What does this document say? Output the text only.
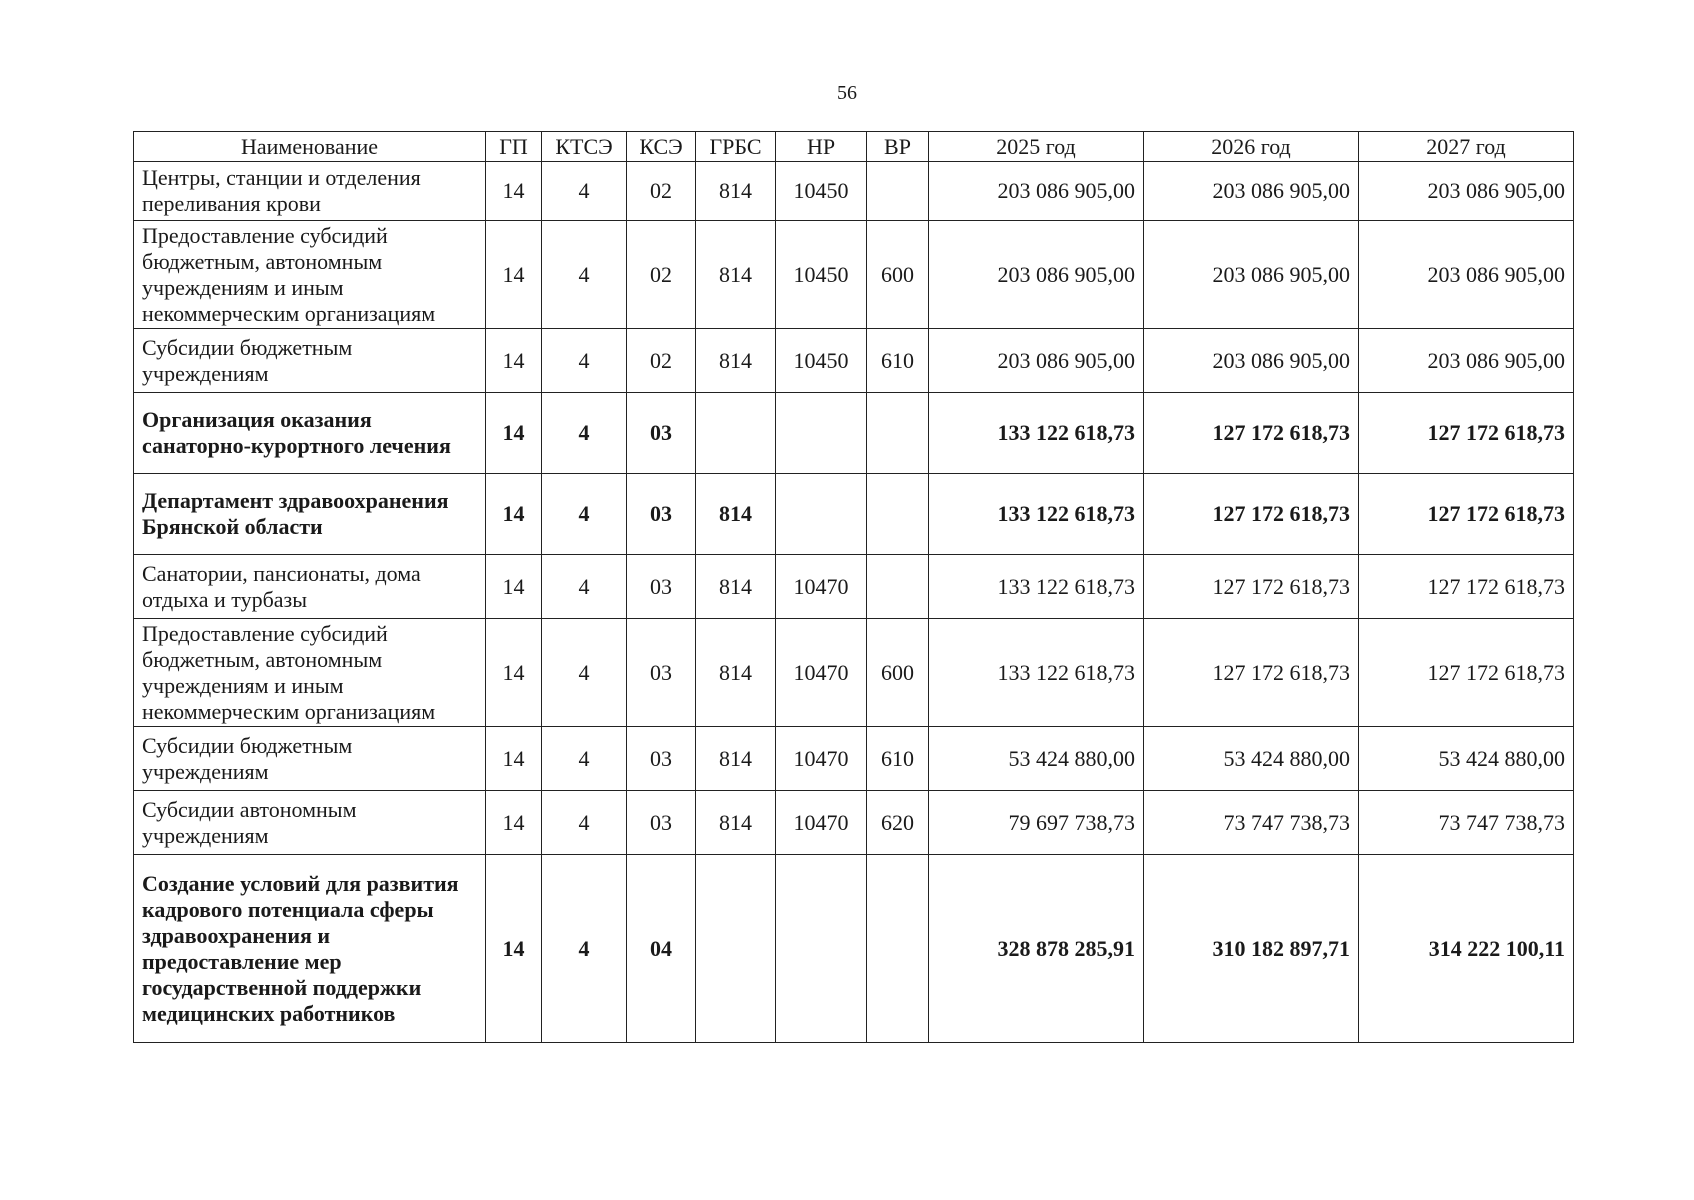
56
Наименование	ГП	КТСЭ	КСЭ	ГРБС	НР	ВР	2025 год	2026 год	2027 год
Центры, станции и отделения переливания крови	14	4	02	814	10450		203 086 905,00	203 086 905,00	203 086 905,00
Предоставление субсидий бюджетным, автономным учреждениям и иным некоммерческим организациям	14	4	02	814	10450	600	203 086 905,00	203 086 905,00	203 086 905,00
Субсидии бюджетным учреждениям	14	4	02	814	10450	610	203 086 905,00	203 086 905,00	203 086 905,00
Организация оказания санаторно-курортного лечения	14	4	03				133 122 618,73	127 172 618,73	127 172 618,73
Департамент здравоохранения Брянской области	14	4	03	814			133 122 618,73	127 172 618,73	127 172 618,73
Санатории, пансионаты, дома отдыха и турбазы	14	4	03	814	10470		133 122 618,73	127 172 618,73	127 172 618,73
Предоставление субсидий бюджетным, автономным учреждениям и иным некоммерческим организациям	14	4	03	814	10470	600	133 122 618,73	127 172 618,73	127 172 618,73
Субсидии бюджетным учреждениям	14	4	03	814	10470	610	53 424 880,00	53 424 880,00	53 424 880,00
Субсидии автономным учреждениям	14	4	03	814	10470	620	79 697 738,73	73 747 738,73	73 747 738,73
Создание условий для развития кадрового потенциала сферы здравоохранения и предоставление мер государственной поддержки медицинских работников	14	4	04				328 878 285,91	310 182 897,71	314 222 100,11
